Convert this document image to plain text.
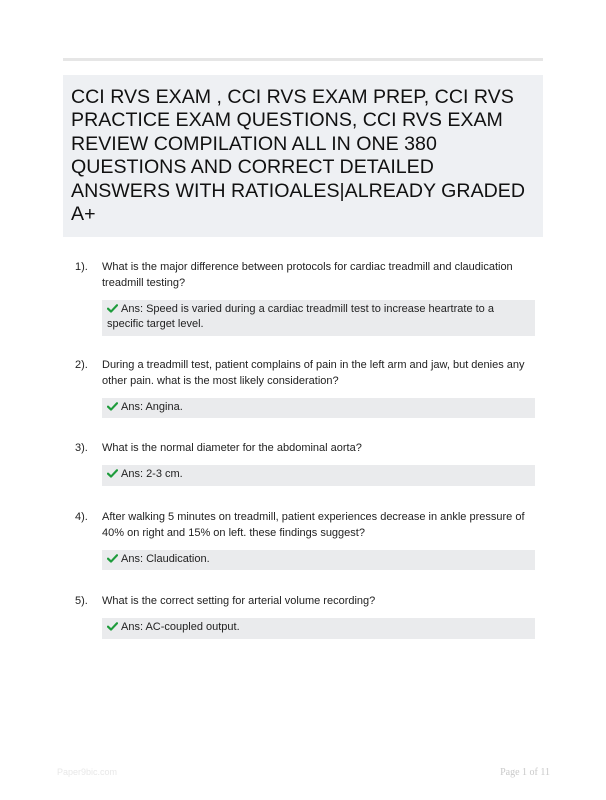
CCI RVS EXAM , CCI RVS EXAM PREP, CCI RVS PRACTICE EXAM QUESTIONS, CCI RVS EXAM REVIEW COMPILATION ALL IN ONE 380 QUESTIONS AND CORRECT DETAILED ANSWERS WITH RATIOALES|ALREADY GRADED A+
1). What is the major difference between protocols for cardiac treadmill and claudication treadmill testing?
Ans: Speed is varied during a cardiac treadmill test to increase heartrate to a specific target level.
2). During a treadmill test, patient complains of pain in the left arm and jaw, but denies any other pain. what is the most likely consideration?
Ans: Angina.
3). What is the normal diameter for the abdominal aorta?
Ans: 2-3 cm.
4). After walking 5 minutes on treadmill, patient experiences decrease in ankle pressure of 40% on right and 15% on left. these findings suggest?
Ans: Claudication.
5). What is the correct setting for arterial volume recording?
Ans: AC-coupled output.
Paper9bic.com	Page 1 of 11
